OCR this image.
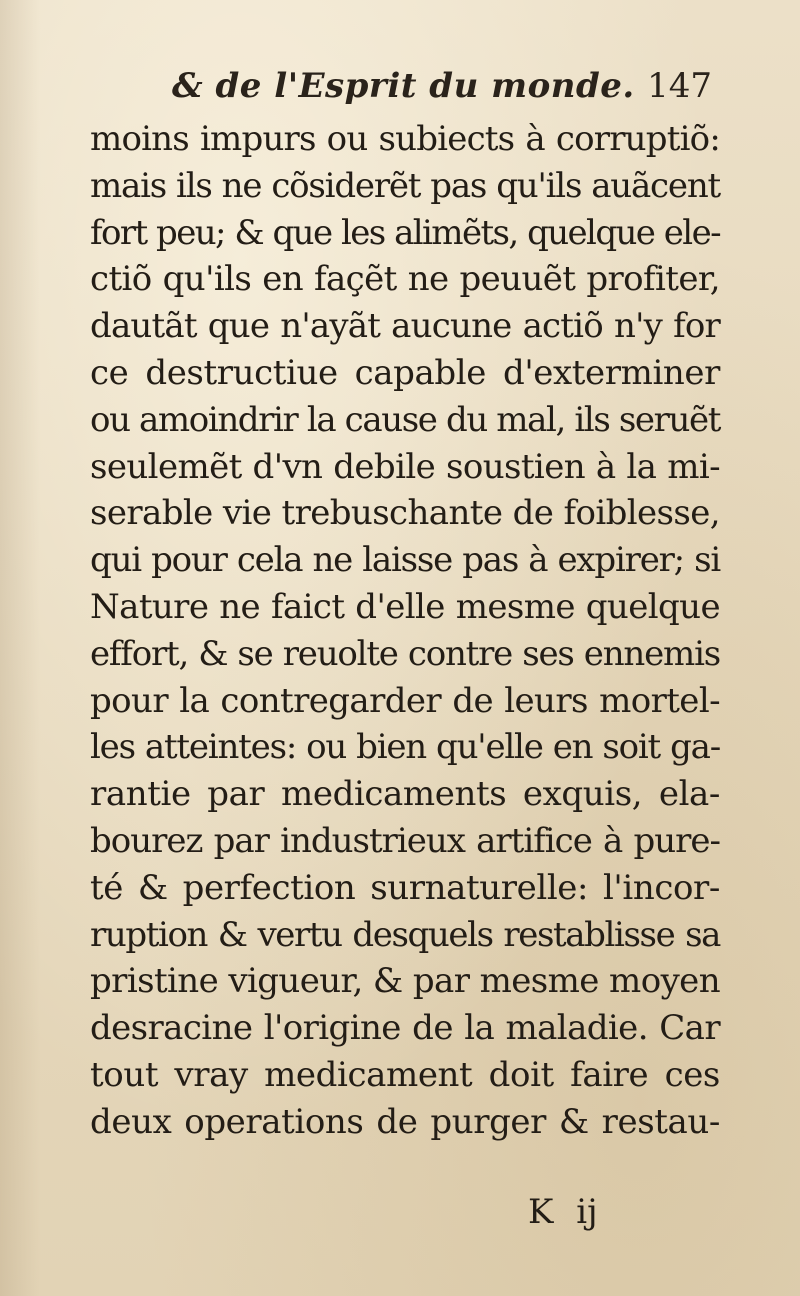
& de l'Esprit du monde. 147
moins impurs ou subiects à corruptiõ:
mais ils ne cõsiderẽt pas qu'ils auãcent
fort peu; & que les alimẽts, quelque ele-
ctiõ qu'ils en façẽt ne peuuẽt profiter,
dautãt que n'ayãt aucune actiõ n'y for
ce destructiue capable d'exterminer
ou amoindrir la cause du mal, ils seruẽt
seulemẽt d'vn debile soustien à la mi-
serable vie trebuschante de foiblesse,
qui pour cela ne laisse pas à expirer; si
Nature ne faict d'elle mesme quelque
effort, & se reuolte contre ses ennemis
pour la contregarder de leurs mortel-
les atteintes: ou bien qu'elle en soit ga-
rantie par medicaments exquis, ela-
bourez par industrieux artifice à pure-
té & perfection surnaturelle: l'incor-
ruption & vertu desquels restablisse sa
pristine vigueur, & par mesme moyen
desracine l'origine de la maladie. Car
tout vray medicament doit faire ces
deux operations de purger & restau-
K ij
